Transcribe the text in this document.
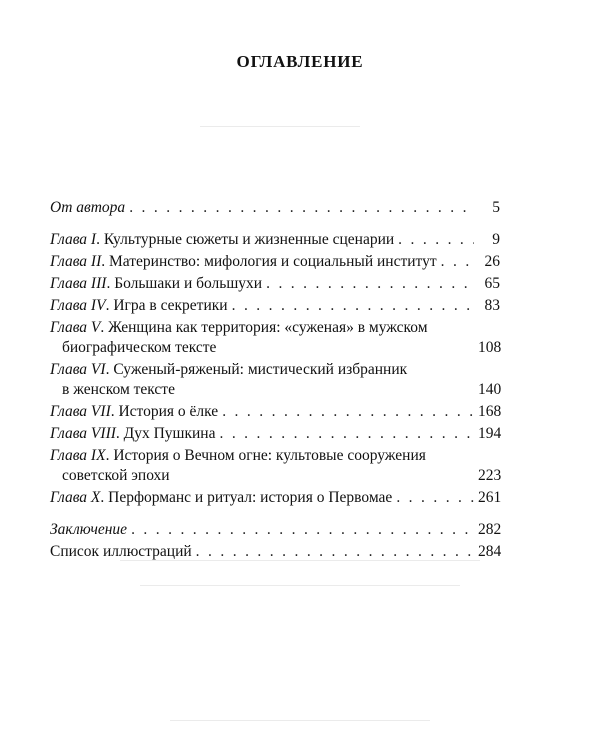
ОГЛАВЛЕНИЕ
От автора . . .	5
Глава I. Культурные сюжеты и жизненные сценарии . . .	9
Глава II. Материнство: мифология и социальный институт . . .	26
Глава III. Большаки и большухи . . .	65
Глава IV. Игра в секретики . . .	83
Глава V. Женщина как территория: «суженая» в мужском
биографическом тексте	108
Глава VI. Суженый-ряженый: мистический избранник
в женском тексте	140
Глава VII. История о ёлке . . .	168
Глава VIII. Дух Пушкина . . .	194
Глава IX. История о Вечном огне: культовые сооружения
советской эпохи	223
Глава X. Перформанс и ритуал: история о Первомае . . .	261
Заключение . . .	282
Список иллюстраций . . .	284
